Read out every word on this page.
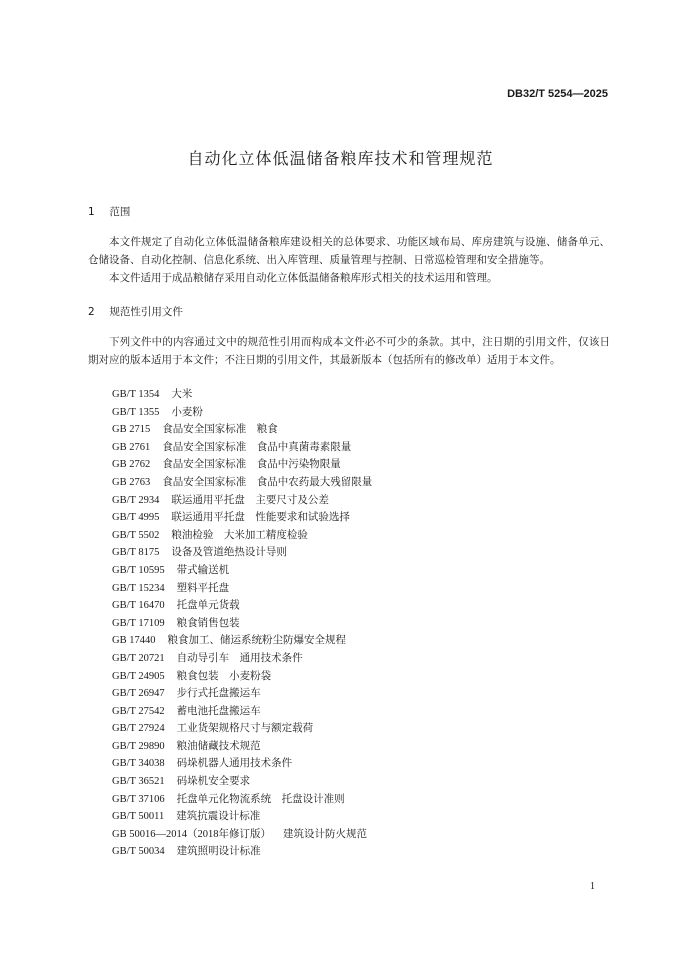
DB32/T 5254—2025
自动化立体低温储备粮库技术和管理规范
1 范围

本文件规定了自动化立体低温储备粮库建设相关的总体要求、功能区域布局、库房建筑与设施、储备单元、仓储设备、自动化控制、信息化系统、出入库管理、质量管理与控制、日常巡检管理和安全措施等。

本文件适用于成品粮储存采用自动化立体低温储备粮库形式相关的技术运用和管理。

2 规范性引用文件

下列文件中的内容通过文中的规范性引用而构成本文件必不可少的条款。其中，注日期的引用文件，仅该日期对应的版本适用于本文件；不注日期的引用文件，其最新版本（包括所有的修改单）适用于本文件。

GB/T 1354 大米
GB/T 1355 小麦粉
GB 2715 食品安全国家标准　粮食
GB 2761 食品安全国家标准　食品中真菌毒素限量
GB 2762 食品安全国家标准　食品中污染物限量
GB 2763 食品安全国家标准　食品中农药最大残留限量
GB/T 2934 联运通用平托盘　主要尺寸及公差
GB/T 4995 联运通用平托盘　性能要求和试验选择
GB/T 5502 粮油检验　大米加工精度检验
GB/T 8175 设备及管道绝热设计导则
GB/T 10595 带式输送机
GB/T 15234 塑料平托盘
GB/T 16470 托盘单元货载
GB/T 17109 粮食销售包装
GB 17440 粮食加工、储运系统粉尘防爆安全规程
GB/T 20721 自动导引车　通用技术条件
GB/T 24905 粮食包装　小麦粉袋
GB/T 26947 步行式托盘搬运车
GB/T 27542 蓄电池托盘搬运车
GB/T 27924 工业货架规格尺寸与额定载荷
GB/T 29890 粮油储藏技术规范
GB/T 34038 码垛机器人通用技术条件
GB/T 36521 码垛机安全要求
GB/T 37106 托盘单元化物流系统　托盘设计准则
GB/T 50011 建筑抗震设计标准
GB 50016—2014（2018年修订版） 建筑设计防火规范
GB/T 50034 建筑照明设计标准
1
